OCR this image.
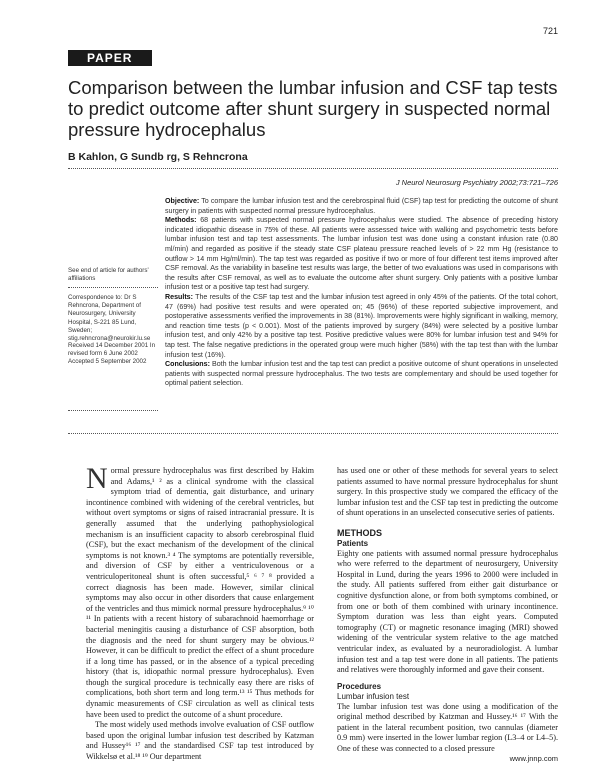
721
PAPER
Comparison between the lumbar infusion and CSF tap tests to predict outcome after shunt surgery in suspected normal pressure hydrocephalus
B Kahlon, G Sundb rg, S Rehncrona
J Neurol Neurosurg Psychiatry 2002;73:721–726

Objective: To compare the lumbar infusion test and the cerebrospinal fluid (CSF) tap test for predicting the outcome of shunt surgery in patients with suspected normal pressure hydrocephalus.

Methods: 68 patients with suspected normal pressure hydrocephalus were studied. The absence of preceding history indicated idiopathic disease in 75% of these. All patients were assessed twice with walking and psychometric tests before lumbar infusion test and tap test assessments. The lumbar infusion test was done using a constant infusion rate (0.80 ml/min) and regarded as positive if the steady state CSF plateau pressure reached levels of > 22 mm Hg (resistance to outflow > 14 mm Hg/ml/min). The tap test was regarded as positive if two or more of four different test items improved after CSF removal. As the variability in baseline test results was large, the better of two evaluations was used in comparisons with the results after CSF removal, as well as to evaluate the outcome after shunt surgery. Only patients with a positive lumbar infusion test or a positive tap test had surgery.

Results: The results of the CSF tap test and the lumbar infusion test agreed in only 45% of the patients. Of the total cohort, 47 (69%) had positive test results and were operated on; 45 (96%) of these reported subjective improvement, and postoperative assessments verified the improvements in 38 (81%). Improvements were highly significant in walking, memory, and reaction time tests (p < 0.001). Most of the patients improved by surgery (84%) were selected by a positive lumbar infusion test, and only 42% by a positive tap test. Positive predictive values were 80% for lumbar infusion test and 94% for tap test. The false negative predictions in the operated group were much higher (58%) with the tap test than with the lumbar infusion test (16%).

Conclusions: Both the lumbar infusion test and the tap test can predict a positive outcome of shunt operations in unselected patients with suspected normal pressure hydrocephalus. The two tests are complementary and should be used together for optimal patient selection.

See end of article for authors' affiliations
Correspondence to: Dr S Rehncrona, Department of Neurosurgery, University Hospital, S-221 85 Lund, Sweden; stig.rehncrona@neurokir.lu.se
Received 14 December 2001 In revised form 6 June 2002 Accepted 5 September 2002

Normal pressure hydrocephalus was first described by Hakim and Adams,¹ ² as a clinical syndrome with the classical symptom triad of dementia, gait disturbance, and urinary incontinence combined with widening of the cerebral ventricles, but without overt symptoms or signs of raised intracranial pressure. It is generally assumed that the underlying pathophysiological mechanism is an insufficient capacity to absorb cerebrospinal fluid (CSF), but the exact mechanism of the development of the clinical symptoms is not known.³ ⁴ The symptoms are potentially reversible, and diversion of CSF by either a ventriculovenous or a ventriculoperitoneal shunt is often successful,⁵ ⁶ ⁷ ⁸ provided a correct diagnosis has been made. However, similar clinical symptoms may also occur in other disorders that cause enlargement of the ventricles and thus mimick normal pressure hydrocephalus.⁹ ¹⁰ ¹¹ In patients with a recent history of subarachnoid haemorrhage or bacterial meningitis causing a disturbance of CSF absorption, both the diagnosis and the need for shunt surgery may be obvious.¹² However, it can be difficult to predict the effect of a shunt procedure if a long time has passed, or in the absence of a typical preceding history (that is, idiopathic normal pressure hydrocephalus). Even though the surgical procedure is technically easy there are risks of complications, both short term and long term.¹³ ¹⁵ Thus methods for dynamic measurements of CSF circulation as well as clinical tests have been used to predict the outcome of a shunt procedure.

The most widely used methods involve evaluation of CSF outflow based upon the original lumbar infusion test described by Katzman and Hussey¹⁶ ¹⁷ and the standardised CSF tap test introduced by Wikkelsø et al.¹⁸ ¹⁹ Our department

has used one or other of these methods for several years to select patients assumed to have normal pressure hydrocephalus for shunt surgery. In this prospective study we compared the efficacy of the lumbar infusion test and the CSF tap test in predicting the outcome of shunt operations in an unselected consecutive series of patients.

METHODS

Patients

Eighty one patients with assumed normal pressure hydrocephalus who were referred to the department of neurosurgery, University Hospital in Lund, during the years 1996 to 2000 were included in the study. All patients suffered from either gait disturbance or cognitive dysfunction alone, or from both symptoms combined, or from one or both of them combined with urinary incontinence. Symptom duration was less than eight years. Computed tomography (CT) or magnetic resonance imaging (MRI) showed widening of the ventricular system relative to the age matched ventricular index, as evaluated by a neuroradiologist. A lumbar infusion test and a tap test were done in all patients. The patients and relatives were thoroughly informed and gave their consent.

Procedures

Lumbar infusion test

The lumbar infusion test was done using a modification of the original method described by Katzman and Hussey.¹⁶ ¹⁷ With the patient in the lateral recumbent position, two cannulas (diameter 0.9 mm) were inserted in the lower lumbar region (L3–4 or L4–5). One of these was connected to a closed pressure

www.jnnp.com
